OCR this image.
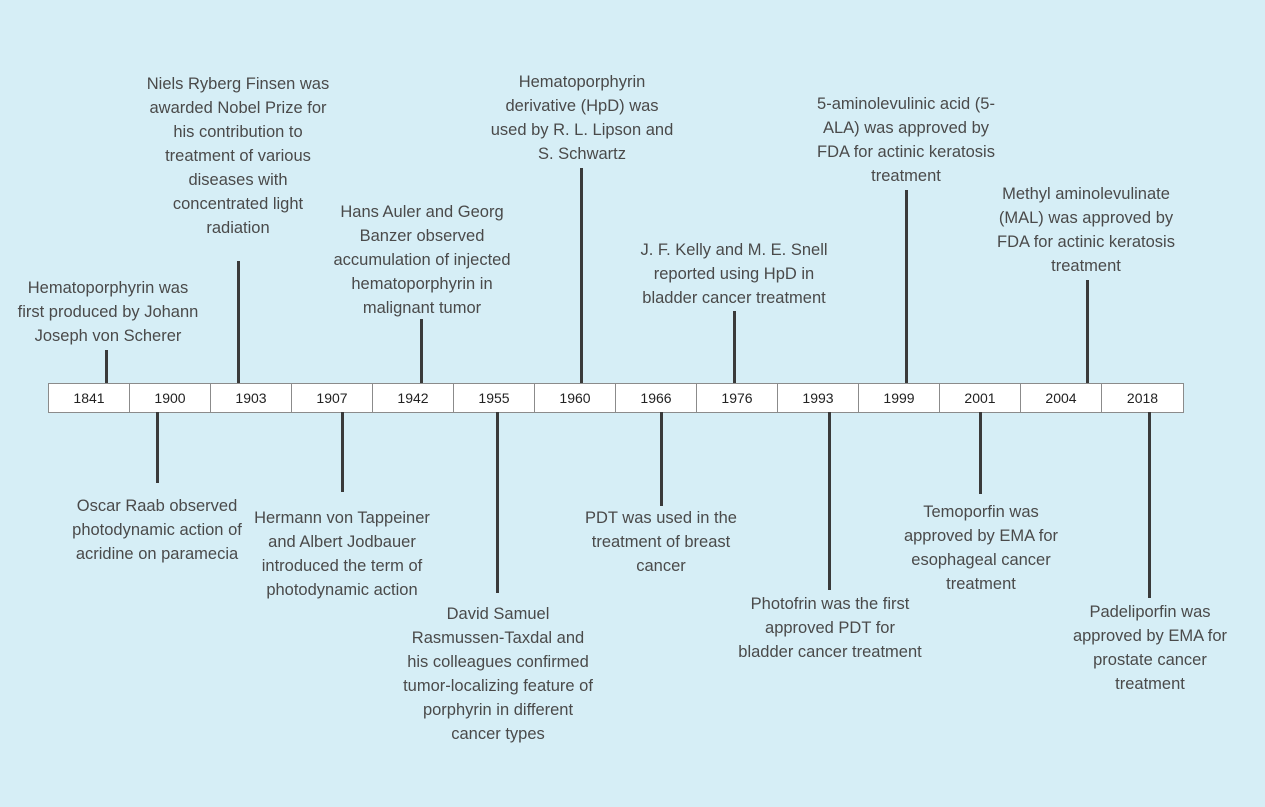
1841	1900	1903	1907	1942	1955	1960	1966	1976	1993	1999	2001	2004	2018
Hematoporphyrin was first produced by Johann Joseph von Scherer
Niels Ryberg Finsen was awarded Nobel Prize for his contribution to treatment of various diseases with concentrated light radiation
Hans Auler and Georg Banzer observed accumulation of injected hematoporphyrin in malignant tumor
Hematoporphyrin derivative (HpD) was used by R. L. Lipson and S. Schwartz
J. F. Kelly and M. E. Snell reported using HpD in bladder cancer treatment
5-aminolevulinic acid (5-ALA) was approved by FDA for actinic keratosis treatment
Methyl aminolevulinate (MAL) was approved by FDA for actinic keratosis treatment
Oscar Raab observed photodynamic action of acridine on paramecia
Hermann von Tappeiner and Albert Jodbauer introduced the term of photodynamic action
David Samuel Rasmussen-Taxdal and his colleagues confirmed tumor-localizing feature of porphyrin in different cancer types
PDT was used in the treatment of breast cancer
Photofrin was the first approved PDT for bladder cancer treatment
Temoporfin was approved by EMA for esophageal cancer treatment
Padeliporfin was approved by EMA for prostate cancer treatment
